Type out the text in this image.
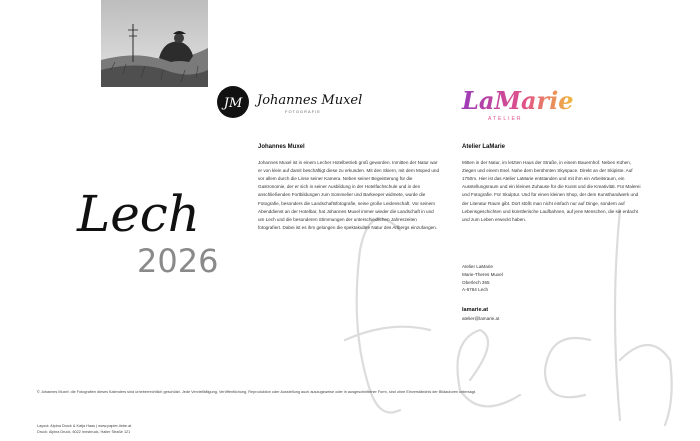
JM Johannes Muxel
FOTOGRAFIE	LaMarie
ATELIER
Lech
2026
Johannes Muxel

Johannes Muxel ist in einem Lecher Hotelbetrieb groß geworden. Inmitten der Natur war er von klein auf damit beschäftigt diese zu erkunden. Mit den Skiern, mit dem Moped und vor allem durch die Linse seiner Kamera. Neben seiner Begeisterung für die Gastronomie, der er sich in seiner Ausbildung in der Hotelfachschule und in den anschließenden Fortbildungen zum Sommelier und Barkeeper widmete, wurde die Fotografie, besonders die Landschaftsfotografie, seine große Leidenschaft. Vor seinem Abenddienst an der Hotelbar, hat Johannes Muxel immer wieder die Landschaft in und um Lech und die besonderen Stimmungen der unterschiedlichen Jahreszeiten fotografiert. Dabei ist es ihm gelungen die spektakuläre Natur des Arlbergs einzufangen.

Atelier LaMarie

Mitten in der Natur, im letzten Haus der Straße, in einem Bauernhof. Neben Kühen, Ziegen und einem Esel. Nahe dem berühmten Skyspace. Direkt an der Skipiste. Auf 1750m. Hier ist das Atelier LaMarie entstanden und mit ihm ein Arbeitsraum, ein Ausstellungsraum und ein kleines Zuhause für die Kunst und die Kreativität. Für Malerei und Fotografie. Für Skulptur. Und für einen kleinen Shop, der dem Kunsthandwerk und der Literatur Raum gibt. Dort stößt man nicht einfach nur auf Dinge, sondern auf Lebensgeschichten und künstlerische Laufbahnen, auf jene Menschen, die sie erdacht und zum Leben erweckt haben.

Atelier LaMarie
Marie-Theres Muxel
Oberlech 365
A-6764 Lech
lamarie.at
atelier@lamarie.at
© Johannes Muxel: die Fotografien dieses Kalenders sind urheberrechtlich geschützt. Jede Vervielfältigung, Veröffentlichung, Reproduktion oder Ausstellung auch auszugsweise oder in ausgeschnittener Form, sind ohne Einverständnis der Bildautoren untersagt.
Layout: Alpina Druck & Katja Haas | www.papier-liebe.at
Druck: Alpina Druck, 6022 Innsbruck, Haller Straße 121
